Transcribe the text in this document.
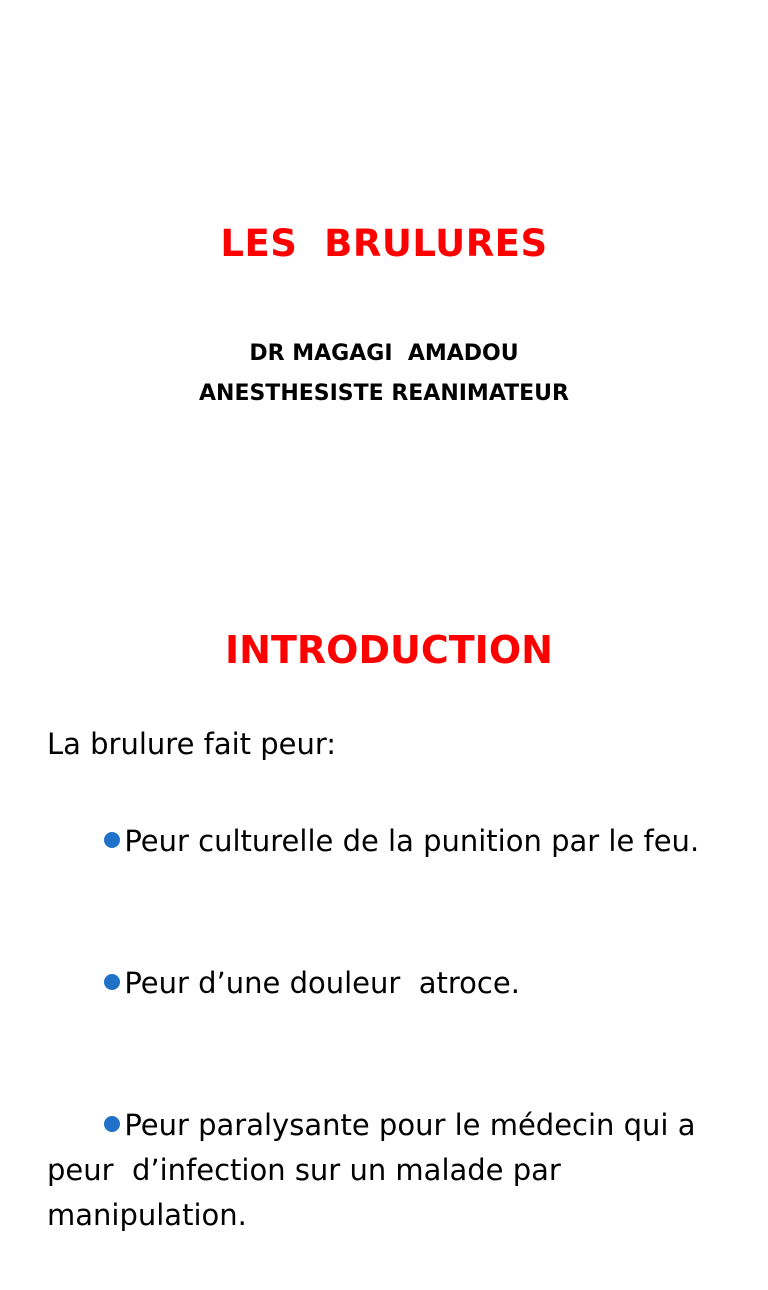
LES  BRULURES
DR MAGAGI  AMADOU
ANESTHESISTE REANIMATEUR
INTRODUCTION
La brulure fait peur:

Peur culturelle de la punition par le feu.

Peur d’une douleur  atroce.

Peur paralysante pour le médecin qui a peur  d’infection sur un malade par manipulation.
